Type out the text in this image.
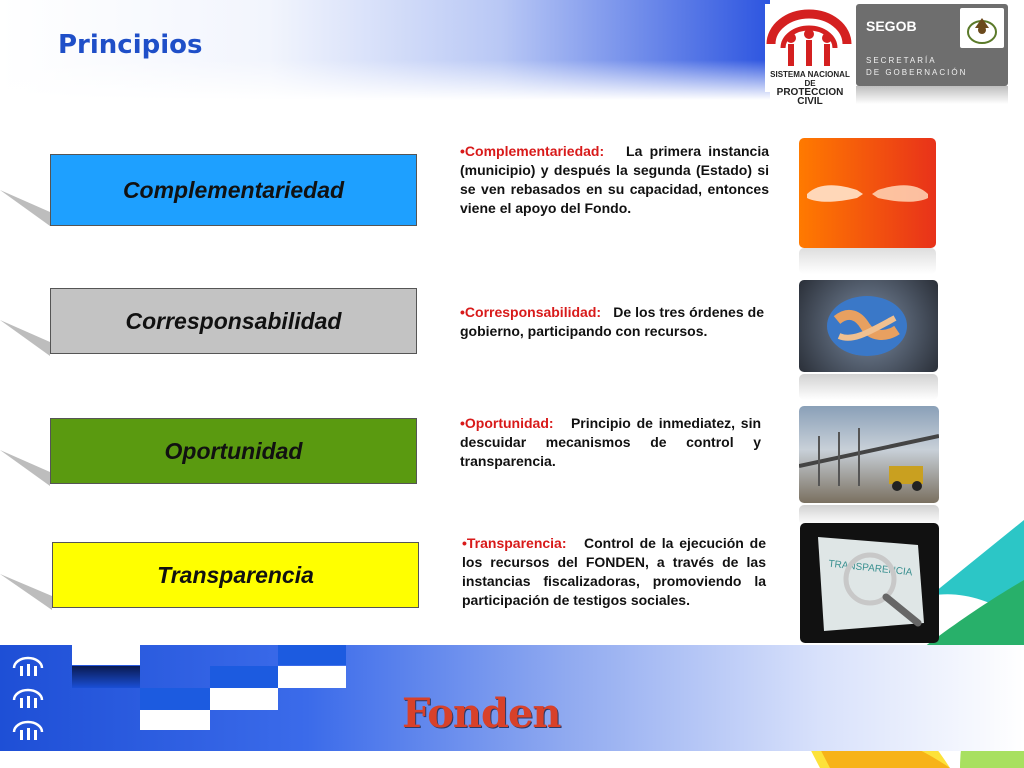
Principios
SISTEMA NACIONAL DE
PROTECCION CIVIL
SEGOB
SECRETARÍA
DE GOBERNACIÓN
Complementariedad
•Complementariedad: La primera instancia (municipio) y después la segunda (Estado) si se ven rebasados en su capacidad, entonces viene el apoyo del Fondo.
Corresponsabilidad	•Corresponsabilidad: De los tres órdenes de gobierno, participando con recursos.
Oportunidad
•Oportunidad: Principio de inmediatez, sin descuidar mecanismos de control y transparencia.
Transparencia
•Transparencia: Control de la ejecución de los recursos del FONDEN, a través de las instancias fiscalizadoras, promoviendo la participación de testigos sociales.
TRANSPARENCIA
Fonden
